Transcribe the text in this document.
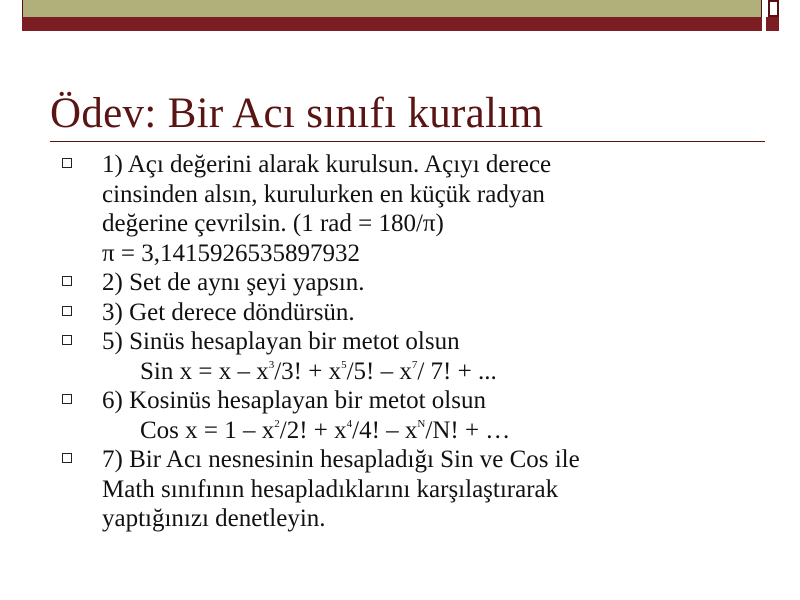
Ödev: Bir Acı sınıfı kuralım
1) Açı değerini alarak kurulsun. Açıyı derece
cinsinden alsın, kurulurken en küçük radyan
değerine çevrilsin. (1 rad = 180/π)
π = 3,1415926535897932
2) Set de aynı şeyi yapsın.
3) Get derece döndürsün.
5) Sinüs hesaplayan bir metot olsun
Sin $x = x - x^3/3$! + $x^5/5$! – $x^7/$ 7! + ...
6) Kosinüs hesaplayan bir metot olsun
Cos $x = 1 - x^2/2$! + $x^4/4$! – $x^N/N$! + …
7) Bir Acı nesnesinin hesapladığı Sin ve Cos ile
Math sınıfının hesapladıklarını karşılaştırarak
yaptığınızı denetleyin.
